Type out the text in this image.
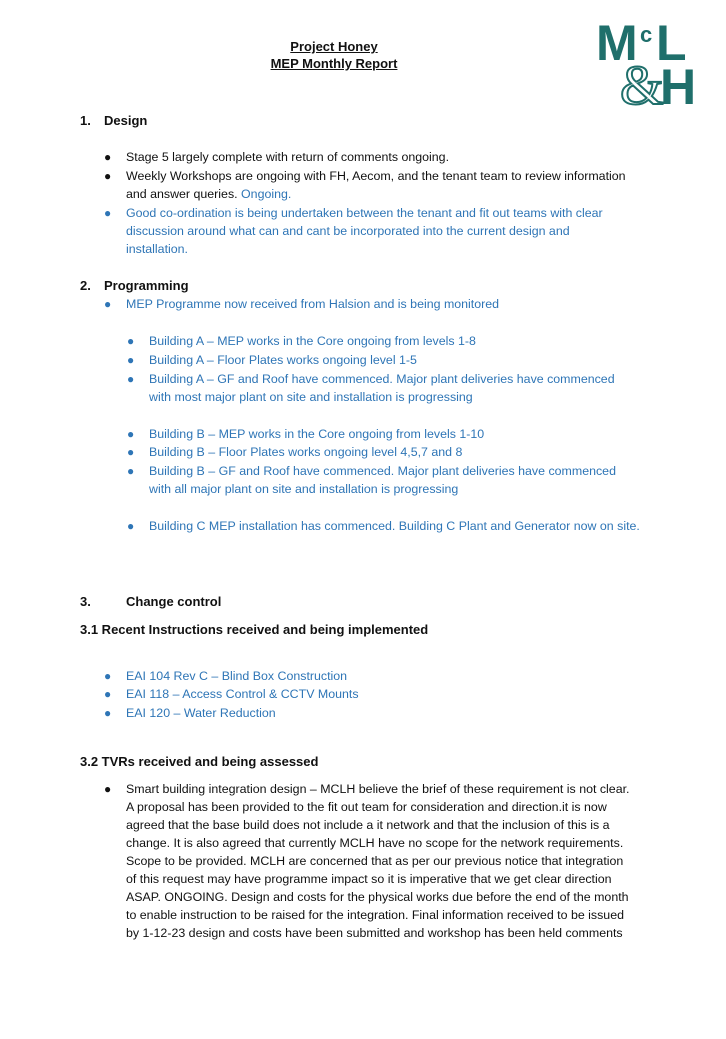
Project Honey
MEP Monthly Report	M c L
&
H
1. Design
● Stage 5 largely complete with return of comments ongoing.
● Weekly Workshops are ongoing with FH, Aecom, and the tenant team to review information
and answer queries. Ongoing.
● Good co-ordination is being undertaken between the tenant and fit out teams with clear
discussion around what can and cant be incorporated into the current design and
installation.
2. Programming
● MEP Programme now received from Halsion and is being monitored
● Building A – MEP works in the Core ongoing from levels 1-8
● Building A – Floor Plates works ongoing level 1-5
● Building A – GF and Roof have commenced. Major plant deliveries have commenced
with most major plant on site and installation is progressing
● Building B – MEP works in the Core ongoing from levels 1-10
● Building B – Floor Plates works ongoing level 4,5,7 and 8
● Building B – GF and Roof have commenced. Major plant deliveries have commenced
with all major plant on site and installation is progressing
● Building C MEP installation has commenced. Building C Plant and Generator now on site.
3.	Change control
3.1 Recent Instructions received and being implemented
● EAI 104 Rev C – Blind Box Construction
● EAI 118 – Access Control & CCTV Mounts
● EAI 120 – Water Reduction
3.2 TVRs received and being assessed
● Smart building integration design – MCLH believe the brief of these requirement is not clear.
A proposal has been provided to the fit out team for consideration and direction.it is now
agreed that the base build does not include a it network and that the inclusion of this is a
change. It is also agreed that currently MCLH have no scope for the network requirements.
Scope to be provided. MCLH are concerned that as per our previous notice that integration
of this request may have programme impact so it is imperative that we get clear direction
ASAP. ONGOING. Design and costs for the physical works due before the end of the month
to enable instruction to be raised for the integration. Final information received to be issued
by 1-12-23 design and costs have been submitted and workshop has been held comments
